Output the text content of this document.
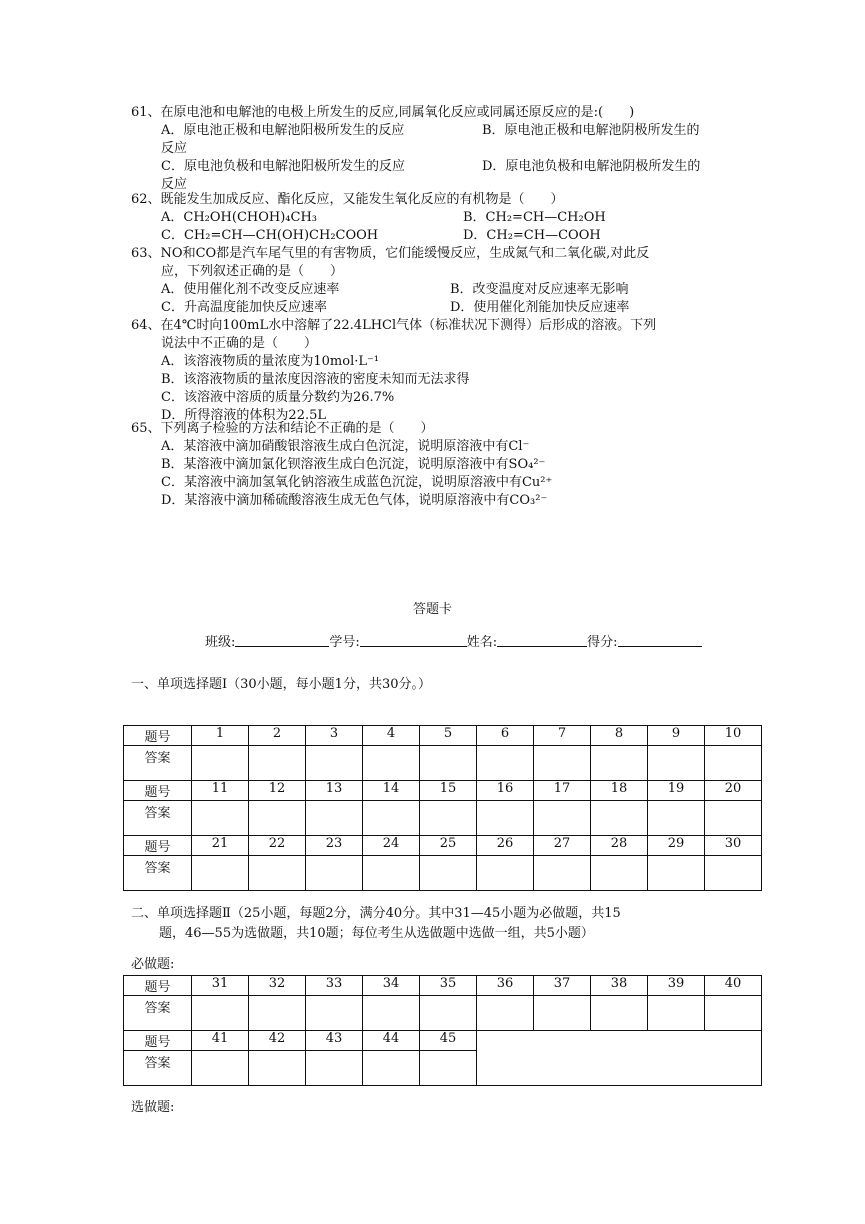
61、在原电池和电解池的电极上所发生的反应,同属氧化反应或同属还原反应的是:(　　)
A．原电池正极和电解池阳极所发生的反应	B．原电池正极和电解池阴极所发生的
反应
C．原电池负极和电解池阳极所发生的反应	D．原电池负极和电解池阴极所发生的
反应
62、既能发生加成反应、酯化反应，又能发生氧化反应的有机物是（　　）
A．CH₂OH(CHOH)₄CH₃	B．CH₂=CH—CH₂OH
C．CH₂=CH—CH(OH)CH₂COOH	D．CH₂=CH—COOH
63、NO和CO都是汽车尾气里的有害物质，它们能缓慢反应，生成氮气和二氧化碳,对此反
应，下列叙述正确的是（　　）
A．使用催化剂不改变反应速率	B．改变温度对反应速率无影响
C．升高温度能加快反应速率	D．使用催化剂能加快反应速率
64、在4℃时向100mL水中溶解了22.4LHCl气体（标准状况下测得）后形成的溶液。下列
说法中不正确的是（　　）
A．该溶液物质的量浓度为10mol·L⁻¹
B．该溶液物质的量浓度因溶液的密度未知而无法求得
C．该溶液中溶质的质量分数约为26.7%
D．所得溶液的体积为22.5L
65、下列离子检验的方法和结论不正确的是（　　）
A．某溶液中滴加硝酸银溶液生成白色沉淀，说明原溶液中有Cl⁻
B．某溶液中滴加氯化钡溶液生成白色沉淀，说明原溶液中有SO₄²⁻
C．某溶液中滴加氢氧化钠溶液生成蓝色沉淀，说明原溶液中有Cu²⁺
D．某溶液中滴加稀硫酸溶液生成无色气体，说明原溶液中有CO₃²⁻
答题卡
班级:	学号:	姓名:	得分:
一、单项选择题Ⅰ（30小题，每小题1分，共30分。）
题号	1	2	3	4	5	6	7	8	9	10
答案										
题号	11	12	13	14	15	16	17	18	19	20
答案										
题号	21	22	23	24	25	26	27	28	29	30
答案										
二、单项选择题Ⅱ（25小题，每题2分，满分40分。其中31—45小题为必做题，共15
题，46—55为选做题，共10题；每位考生从选做题中选做一组，共5小题）
必做题:
题号	31	32	33	34	35	36	37	38	39	40
答案										
题号	41	42	43	44	45					
答案										
选做题:
